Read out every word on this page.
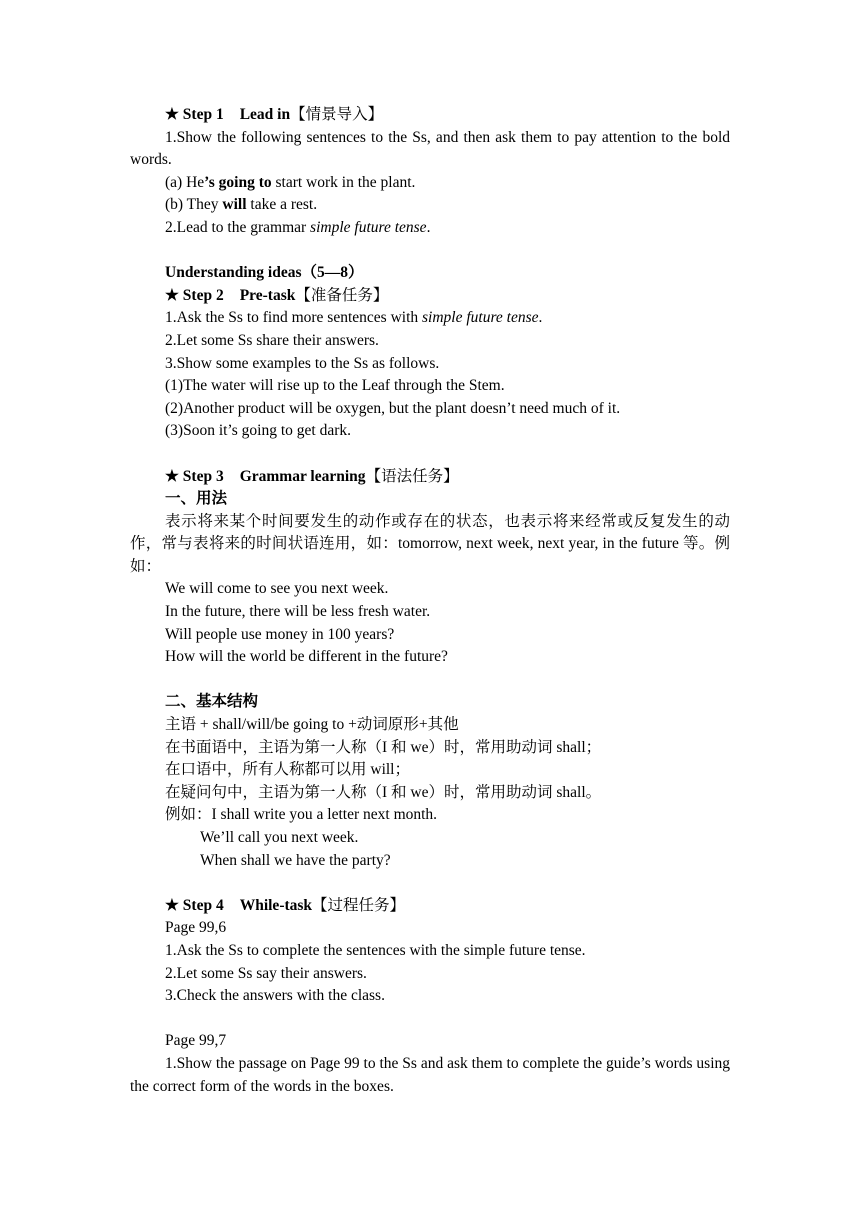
★ Step 1 Lead in【情景导入】
1.Show the following sentences to the Ss, and then ask them to pay attention to the bold words.
(a) He’s going to start work in the plant.
(b) They will take a rest.
2.Lead to the grammar simple future tense.
Understanding ideas（5—8）
★ Step 2 Pre-task【准备任务】
1.Ask the Ss to find more sentences with simple future tense.
2.Let some Ss share their answers.
3.Show some examples to the Ss as follows.
(1)The water will rise up to the Leaf through the Stem.
(2)Another product will be oxygen, but the plant doesn’t need much of it.
(3)Soon it’s going to get dark.
★ Step 3 Grammar learning【语法任务】
一、用法
表示将来某个时间要发生的动作或存在的状态，也表示将来经常或反复发生的动作，常与表将来的时间状语连用，如：tomorrow, next week, next year, in the future 等。例如：
We will come to see you next week.
In the future, there will be less fresh water.
Will people use money in 100 years?
How will the world be different in the future?
二、基本结构
主语 + shall/will/be going to +动词原形+其他
在书面语中，主语为第一人称（I 和 we）时，常用助动词 shall；
在口语中，所有人称都可以用 will；
在疑问句中，主语为第一人称（I 和 we）时，常用助动词 shall。
例如：I shall write you a letter next month.
We’ll call you next week.
When shall we have the party?
★ Step 4 While-task【过程任务】
Page 99,6
1.Ask the Ss to complete the sentences with the simple future tense.
2.Let some Ss say their answers.
3.Check the answers with the class.
Page 99,7
1.Show the passage on Page 99 to the Ss and ask them to complete the guide’s words using the correct form of the words in the boxes.
